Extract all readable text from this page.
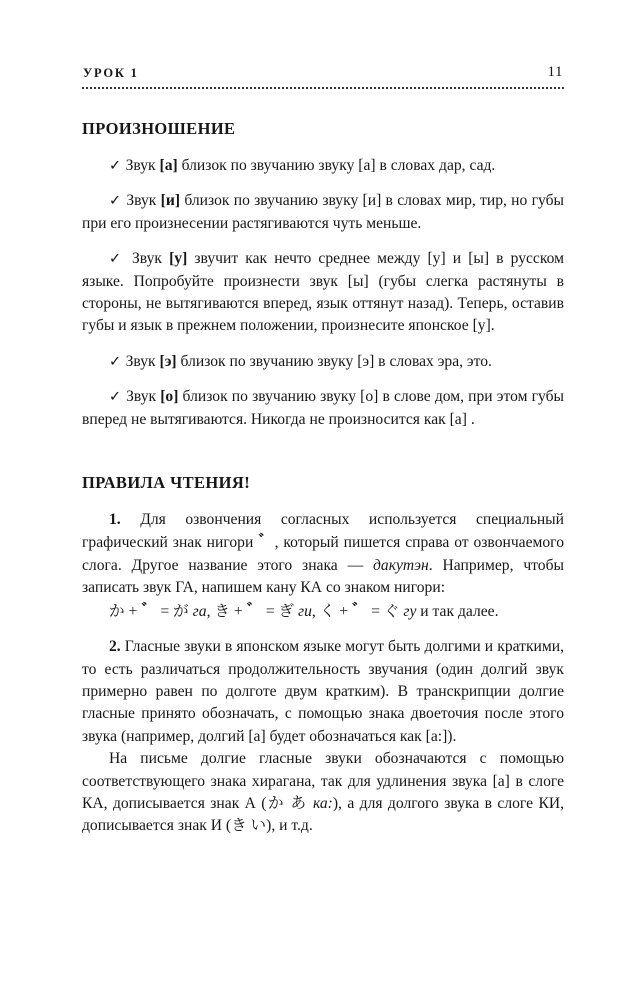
УРОК 1	11
ПРОИЗНОШЕНИЕ

✓ Звук [а] близок по звучанию звуку [а] в словах дар, сад.

✓ Звук [и] близок по звучанию звуку [и] в словах мир, тир, но губы при его произнесении растягиваются чуть меньше.

✓ Звук [у] звучит как нечто среднее между [у] и [ы] в русском языке. Попробуйте произнести звук [ы] (губы слегка растянуты в стороны, не вытягиваются вперед, язык оттянут назад). Теперь, оставив губы и язык в прежнем положении, произнесите японское [у].

✓ Звук [э] близок по звучанию звуку [э] в словах эра, это.

✓ Звук [о] близок по звучанию звуку [о] в слове дом, при этом губы вперед не вытягиваются. Никогда не произносится как [а] .

ПРАВИЛА ЧТЕНИЯ!

1. Для озвончения согласных используется специальный графический знак нигори ゛, который пишется справа от озвончаемого слога. Другое название этого знака — дакутэн. Например, чтобы записать звук ГА, напишем кану КА со знаком нигори:

か + ゛ = が га, き + ゛ = ぎ ги, く + ゛ = ぐ гу и так далее.

2. Гласные звуки в японском языке могут быть долгими и краткими, то есть различаться продолжительность звучания (один долгий звук примерно равен по долготе двум кратким). В транскрипции долгие гласные принято обозначать, с помощью знака двоеточия после этого звука (например, долгий [а] будет обозначаться как [а:]).

На письме долгие гласные звуки обозначаются с помощью соответствующего знака хирагана, так для удлинения звука [а] в слоге КА, дописывается знак А (か あ ка:), а для долгого звука в слоге КИ, дописывается знак И (き い), и т.д.
